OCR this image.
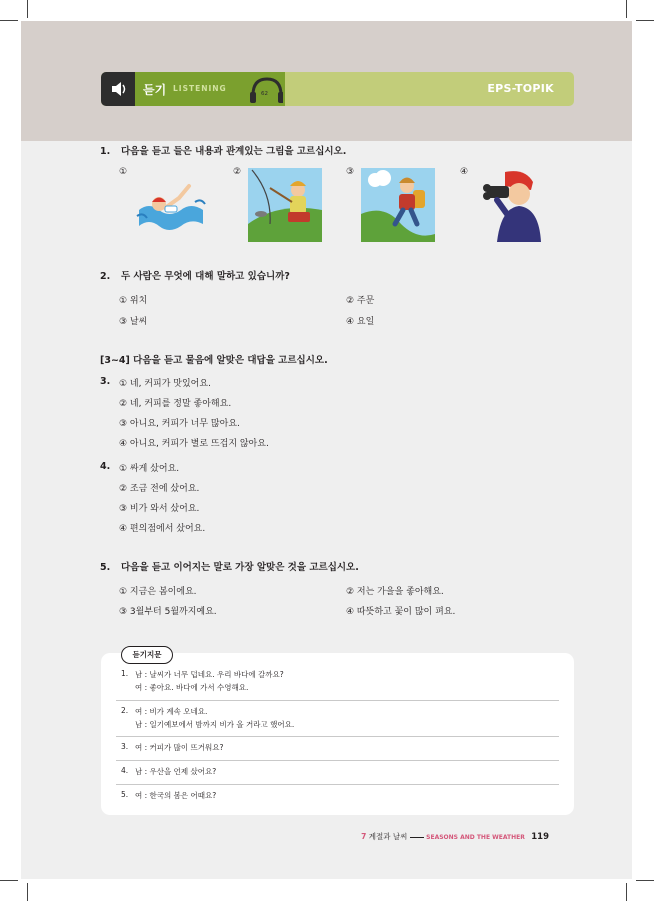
62
듣기 LISTENING	EPS-TOPIK
1. 다음을 듣고 들은 내용과 관계있는 그림을 고르십시오.
①	②	③	④
2. 두 사람은 무엇에 대해 말하고 있습니까?
① 위치	② 주문
③ 날씨	④ 요일
[3~4] 다음을 듣고 물음에 알맞은 대답을 고르십시오.
3. ① 네, 커피가 맛있어요.
② 네, 커피를 정말 좋아해요.
③ 아니요, 커피가 너무 많아요.
④ 아니요, 커피가 별로 뜨겁지 않아요.
4. ① 싸게 샀어요.
② 조금 전에 샀어요.
③ 비가 와서 샀어요.
④ 편의점에서 샀어요.
5. 다음을 듣고 이어지는 말로 가장 알맞은 것을 고르십시오.
① 지금은 봄이에요.	② 저는 가을을 좋아해요.
③ 3월부터 5월까지예요.	④ 따뜻하고 꽃이 많이 펴요.
듣기지문
1. 남 : 날씨가 너무 덥네요. 우리 바다에 갈까요?
여 : 좋아요. 바다에 가서 수영해요.
2. 여 : 비가 계속 오네요.
남 : 일기예보에서 밤까지 비가 올 거라고 했어요.
3. 여 : 커피가 많이 뜨거워요?
4. 남 : 우산을 언제 샀어요?
5. 여 : 한국의 봄은 어때요?
7 계절과 날씨	SEASONS AND THE WEATHER 119
